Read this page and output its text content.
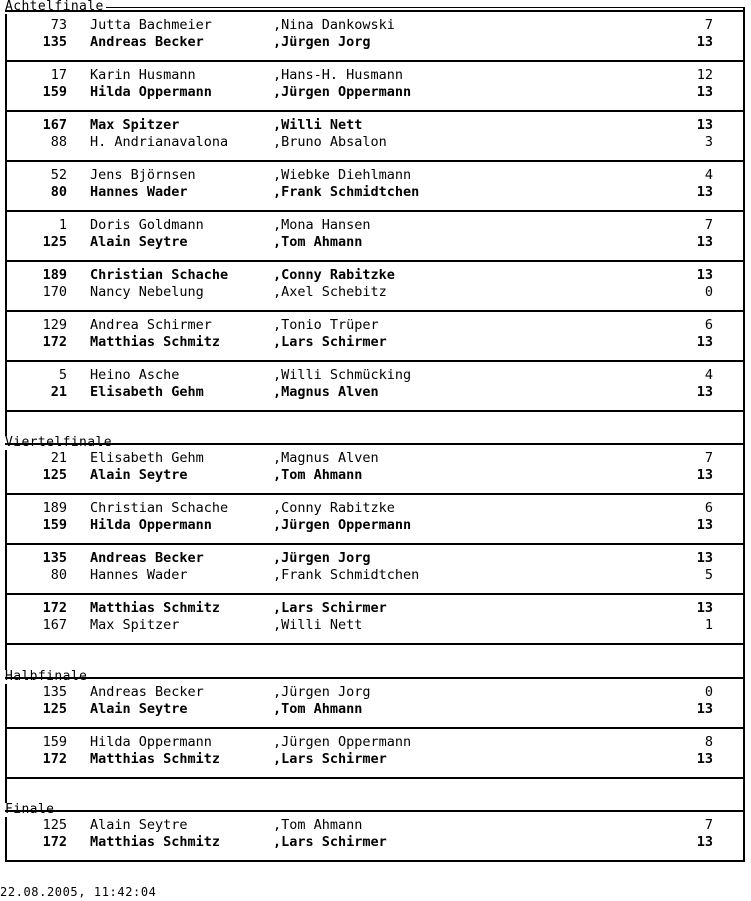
Achtelfinale
73 Jutta Bachmeier	,Nina Dankowski	7
135 Andreas Becker	,Jürgen Jorg	13
17 Karin Husmann	,Hans-H. Husmann	12
159 Hilda Oppermann	,Jürgen Oppermann	13
167 Max Spitzer	,Willi Nett	13
88 H. Andrianavalona	,Bruno Absalon	3
52 Jens Björnsen	,Wiebke Diehlmann	4
80 Hannes Wader	,Frank Schmidtchen	13
1 Doris Goldmann	,Mona Hansen	7
125 Alain Seytre	,Tom Ahmann	13
189 Christian Schache	,Conny Rabitzke	13
170 Nancy Nebelung	,Axel Schebitz	0
129 Andrea Schirmer	,Tonio Trüper	6
172 Matthias Schmitz	,Lars Schirmer	13
5 Heino Asche	,Willi Schmücking	4
21 Elisabeth Gehm	,Magnus Alven	13
Viertelfinale
21 Elisabeth Gehm	,Magnus Alven	7
125 Alain Seytre	,Tom Ahmann	13
189 Christian Schache	,Conny Rabitzke	6
159 Hilda Oppermann	,Jürgen Oppermann	13
135 Andreas Becker	,Jürgen Jorg	13
80 Hannes Wader	,Frank Schmidtchen	5
172 Matthias Schmitz	,Lars Schirmer	13
167 Max Spitzer	,Willi Nett	1
Halbfinale
135 Andreas Becker	,Jürgen Jorg	0
125 Alain Seytre	,Tom Ahmann	13
159 Hilda Oppermann	,Jürgen Oppermann	8
172 Matthias Schmitz	,Lars Schirmer	13
Finale
125 Alain Seytre	,Tom Ahmann	7
172 Matthias Schmitz	,Lars Schirmer	13
22.08.2005, 11:42:04
